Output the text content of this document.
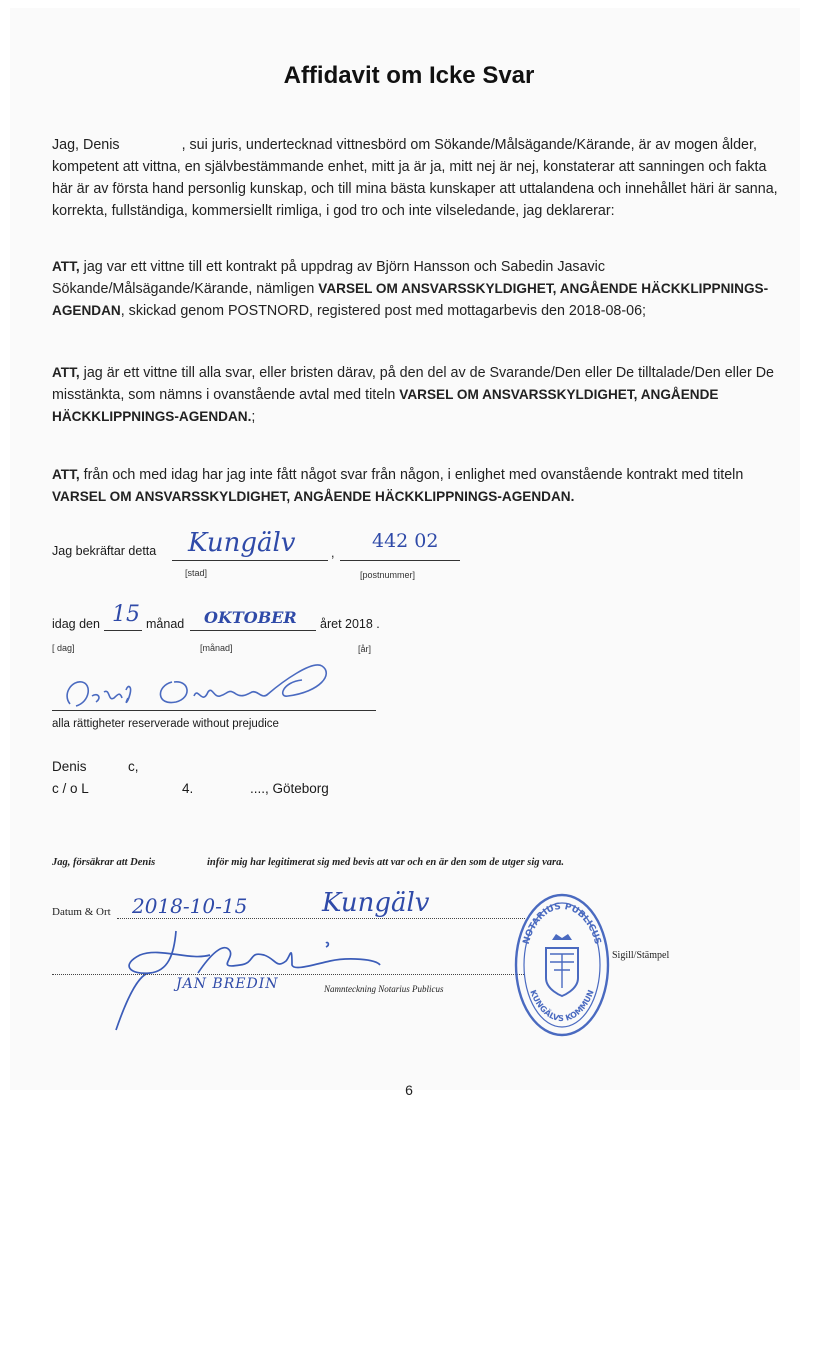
Affidavit om Icke Svar
Jag, Denis	, sui juris, undertecknad vittnesbörd om Sökande/Målsägande/Kärande, är av mogen ålder, kompetent att vittna, en självbestämmande enhet, mitt ja är ja, mitt nej är nej, konstaterar att sanningen och fakta här är av första hand personlig kunskap, och till mina bästa kunskaper att uttalandena och innehållet häri är sanna, korrekta, fullständiga, kommersiellt rimliga, i god tro och inte vilseledande, jag deklarerar:
ATT, jag var ett vittne till ett kontrakt på uppdrag av Björn Hansson och Sabedin Jasavic Sökande/Målsägande/Kärande, nämligen VARSEL OM ANSVARSSKYLDIGHET, ANGÅENDE HÄCKKLIPPNINGS-AGENDAN, skickad genom POSTNORD, registered post med mottagarbevis den 2018-08-06;
ATT, jag är ett vittne till alla svar, eller bristen därav, på den del av de Svarande/Den eller De tilltalade/Den eller De misstänkta, som nämns i ovanstående avtal med titeln VARSEL OM ANSVARSSKYLDIGHET, ANGÅENDE HÄCKKLIPPNINGS-AGENDAN.;
ATT, från och med idag har jag inte fått något svar från någon, i enlighet med ovanstående kontrakt med titeln VARSEL OM ANSVARSSKYLDIGHET, ANGÅENDE HÄCKKLIPPNINGS-AGENDAN.
Jag bekräftar detta Kungälv	,
442 02
[stad]	[postnummer]
idag den 15 månad OKTOBER året 2018 .
[ dag]	[månad]	[år]
alla rättigheter reserverade without prejudice
Denis	c,
c / o L	4.	...., Göteborg
Jag, försäkrar att Denis	inför mig har legitimerat sig med bevis att var och en är den som de utger sig vara.
Datum & Ort 2018-10-15	Kungälv
JAN BREDIN	Namnteckning Notarius Publicus
NOTARIUS PUBLICUS
KUNGÄLVS KOMMUN
Sigill/Stämpel
6
